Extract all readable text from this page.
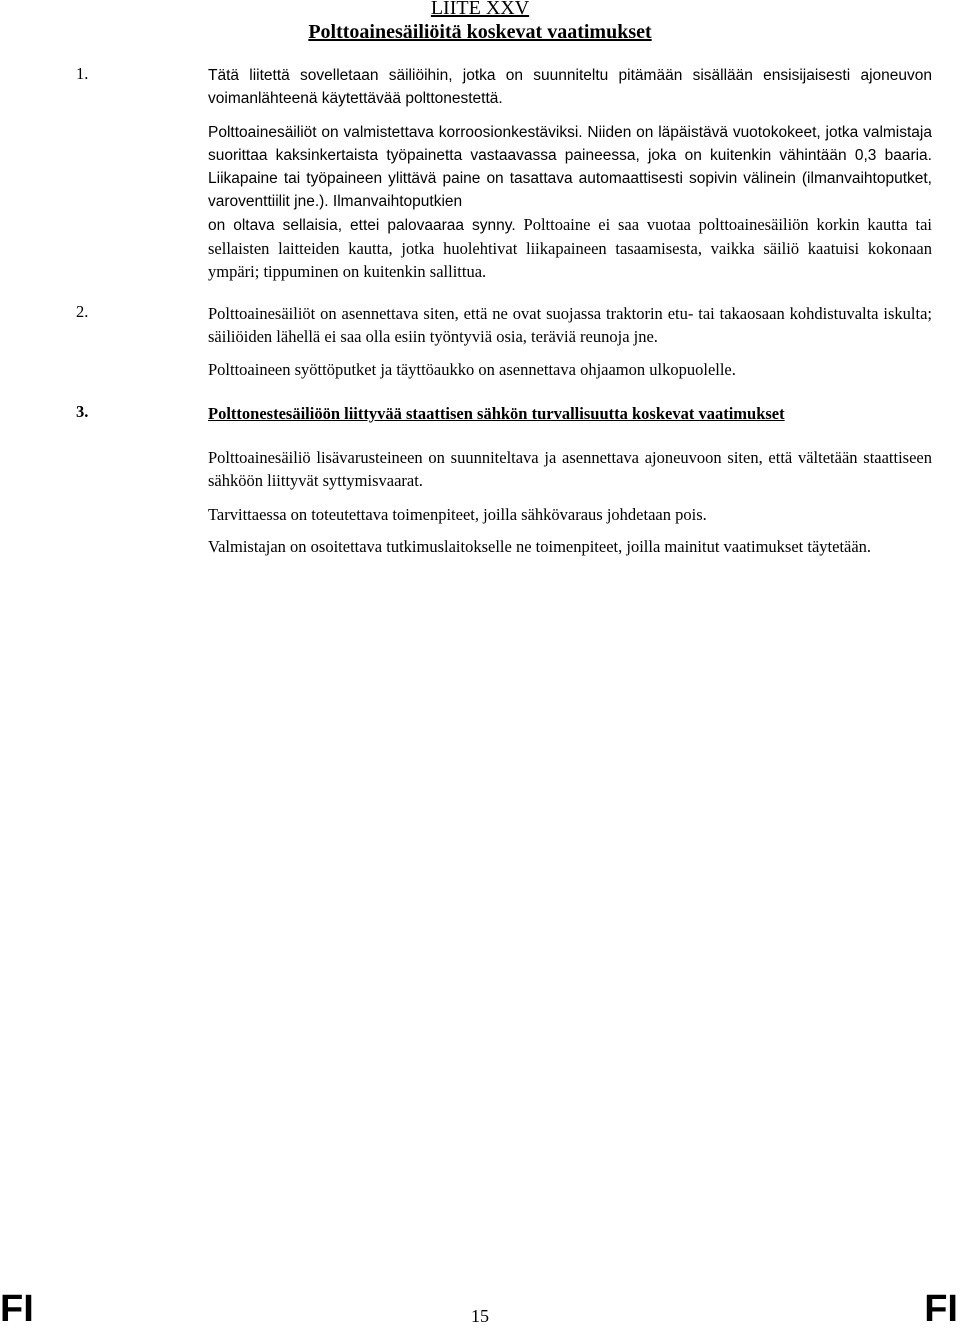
LIITE XXV
Polttoainesäiliöitä koskevat vaatimukset
1.	Tätä liitettä sovelletaan säiliöihin, jotka on suunniteltu pitämään sisällään ensisijaisesti ajoneuvon voimanlähteenä käytettävää polttonestettä.
Polttoainesäiliöt on valmistettava korroosionkestäviksi. Niiden on läpäistävä vuotokokeet, jotka valmistaja suorittaa kaksinkertaista työpainetta vastaavassa paineessa, joka on kuitenkin vähintään 0,3 baaria. Liikapaine tai työpaineen ylittävä paine on tasattava automaattisesti sopivin välinein (ilmanvaihtoputket, varoventtiilit jne.). Ilmanvaihtoputkien
on oltava sellaisia, ettei palovaaraa synny. Polttoaine ei saa vuotaa polttoainesäiliön korkin kautta tai sellaisten laitteiden kautta, jotka huolehtivat liikapaineen tasaamisesta, vaikka säiliö kaatuisi kokonaan ympäri; tippuminen on kuitenkin sallittua.
2.	Polttoainesäiliöt on asennettava siten, että ne ovat suojassa traktorin etu- tai takaosaan kohdistuvalta iskulta; säiliöiden lähellä ei saa olla esiin työntyviä osia, teräviä reunoja jne.
Polttoaineen syöttöputket ja täyttöaukko on asennettava ohjaamon ulkopuolelle.
3.	Polttonestesäiliöön liittyvää staattisen sähkön turvallisuutta koskevat vaatimukset
Polttoainesäiliö lisävarusteineen on suunniteltava ja asennettava ajoneuvoon siten, että vältetään staattiseen sähköön liittyvät syttymisvaarat.
Tarvittaessa on toteutettava toimenpiteet, joilla sähkövaraus johdetaan pois.
Valmistajan on osoitettava tutkimuslaitokselle ne toimenpiteet, joilla mainitut vaatimukset täytetään.
FI	15	FI
